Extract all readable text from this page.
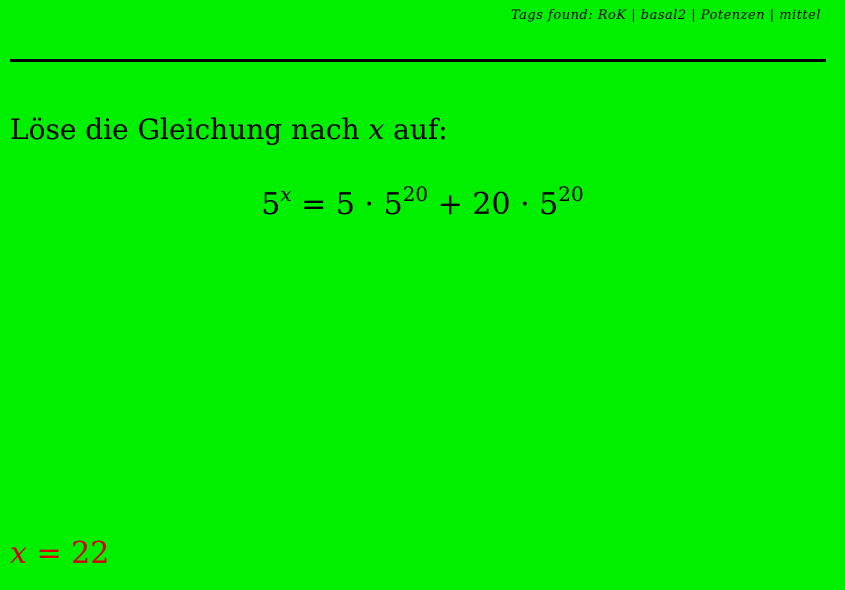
Tags found: RoK | basal2 | Potenzen | mittel
Löse die Gleichung nach x auf:
$5^x = 5 \cdot 5^{20} + 20 \cdot 5^{20}$
x = 22
